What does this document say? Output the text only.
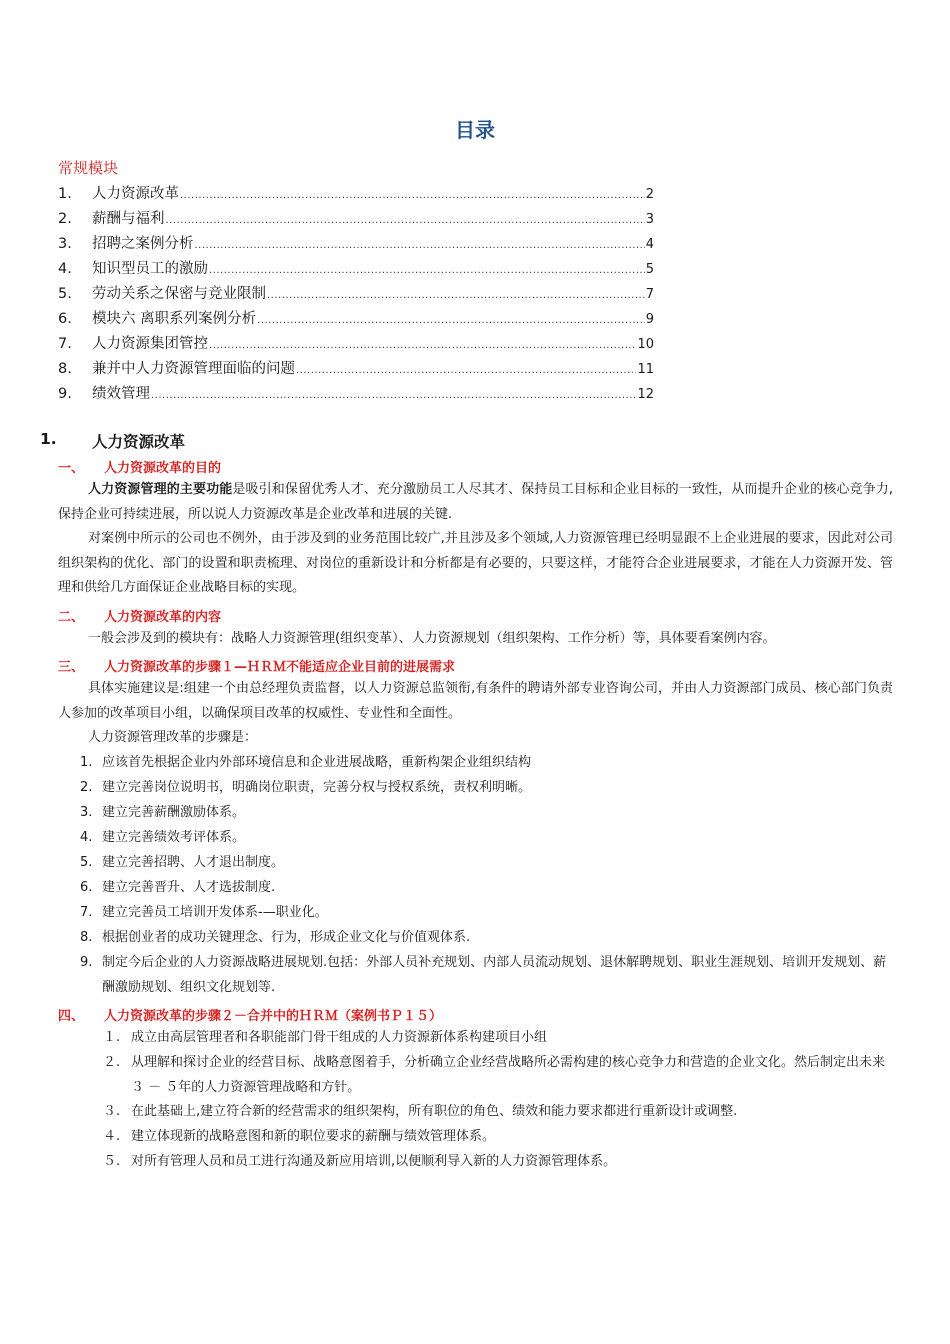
目录
常规模块
1.	人力资源改革 .....	2
2.	薪酬与福利 .....	3
3.	招聘之案例分析 .....	4
4.	知识型员工的激励 .....	5
5.	劳动关系之保密与竞业限制 .....	7
6.	模块六 离职系列案例分析 .....	9
7.	人力资源集团管控 .....	10
8.	兼并中人力资源管理面临的问题 .....	11
9.	绩效管理 .....	12
1.	人力资源改革
一、	人力资源改革的目的
人力资源管理的主要功能是吸引和保留优秀人才、充分激励员工人尽其才、保持员工目标和企业目标的一致性，从而提升企业的核心竞争力,保持企业可持续进展，所以说人力资源改革是企业改革和进展的关键.
对案例中所示的公司也不例外，由于涉及到的业务范围比较广,并且涉及多个领域,人力资源管理已经明显跟不上企业进展的要求，因此对公司组织架构的优化、部门的设置和职责梳理、对岗位的重新设计和分析都是有必要的，只要这样，才能符合企业进展要求，才能在人力资源开发、管理和供给几方面保证企业战略目标的实现。
二、	人力资源改革的内容
一般会涉及到的模块有：战略人力资源管理(组织变革）、人力资源规划（组织架构、工作分析）等，具体要看案例内容。
三、	人力资源改革的步骤１—ＨＲＭ不能适应企业目前的进展需求
具体实施建议是:组建一个由总经理负责监督，以人力资源总监领衔,有条件的聘请外部专业咨询公司，并由人力资源部门成员、核心部门负责人参加的改革项目小组，以确保项目改革的权威性、专业性和全面性。
人力资源管理改革的步骤是：
1. 应该首先根据企业内外部环境信息和企业进展战略，重新构架企业组织结构
2. 建立完善岗位说明书，明确岗位职责，完善分权与授权系统，责权利明晰。
3. 建立完善薪酬激励体系。
4. 建立完善绩效考评体系。
5. 建立完善招聘、人才退出制度。
6. 建立完善晋升、人才选拔制度.
7. 建立完善员工培训开发体系-—职业化。
8. 根据创业者的成功关键理念、行为，形成企业文化与价值观体系.
9. 制定今后企业的人力资源战略进展规划.包括：外部人员补充规划、内部人员流动规划、退休解聘规划、职业生涯规划、培训开发规划、薪酬激励规划、组织文化规划等.
四、	人力资源改革的步骤２－合并中的ＨＲＭ（案例书Ｐ１５）
１. 成立由高层管理者和各职能部门骨干组成的人力资源新体系构建项目小组
２. 从理解和探讨企业的经营目标、战略意图着手，分析确立企业经营战略所必需构建的核心竞争力和营造的企业文化。然后制定出未来３ － ５年的人力资源管理战略和方针。
３. 在此基础上,建立符合新的经营需求的组织架构，所有职位的角色、绩效和能力要求都进行重新设计或调整.
４. 建立体现新的战略意图和新的职位要求的薪酬与绩效管理体系。
５. 对所有管理人员和员工进行沟通及新应用培训,以便顺利导入新的人力资源管理体系。
